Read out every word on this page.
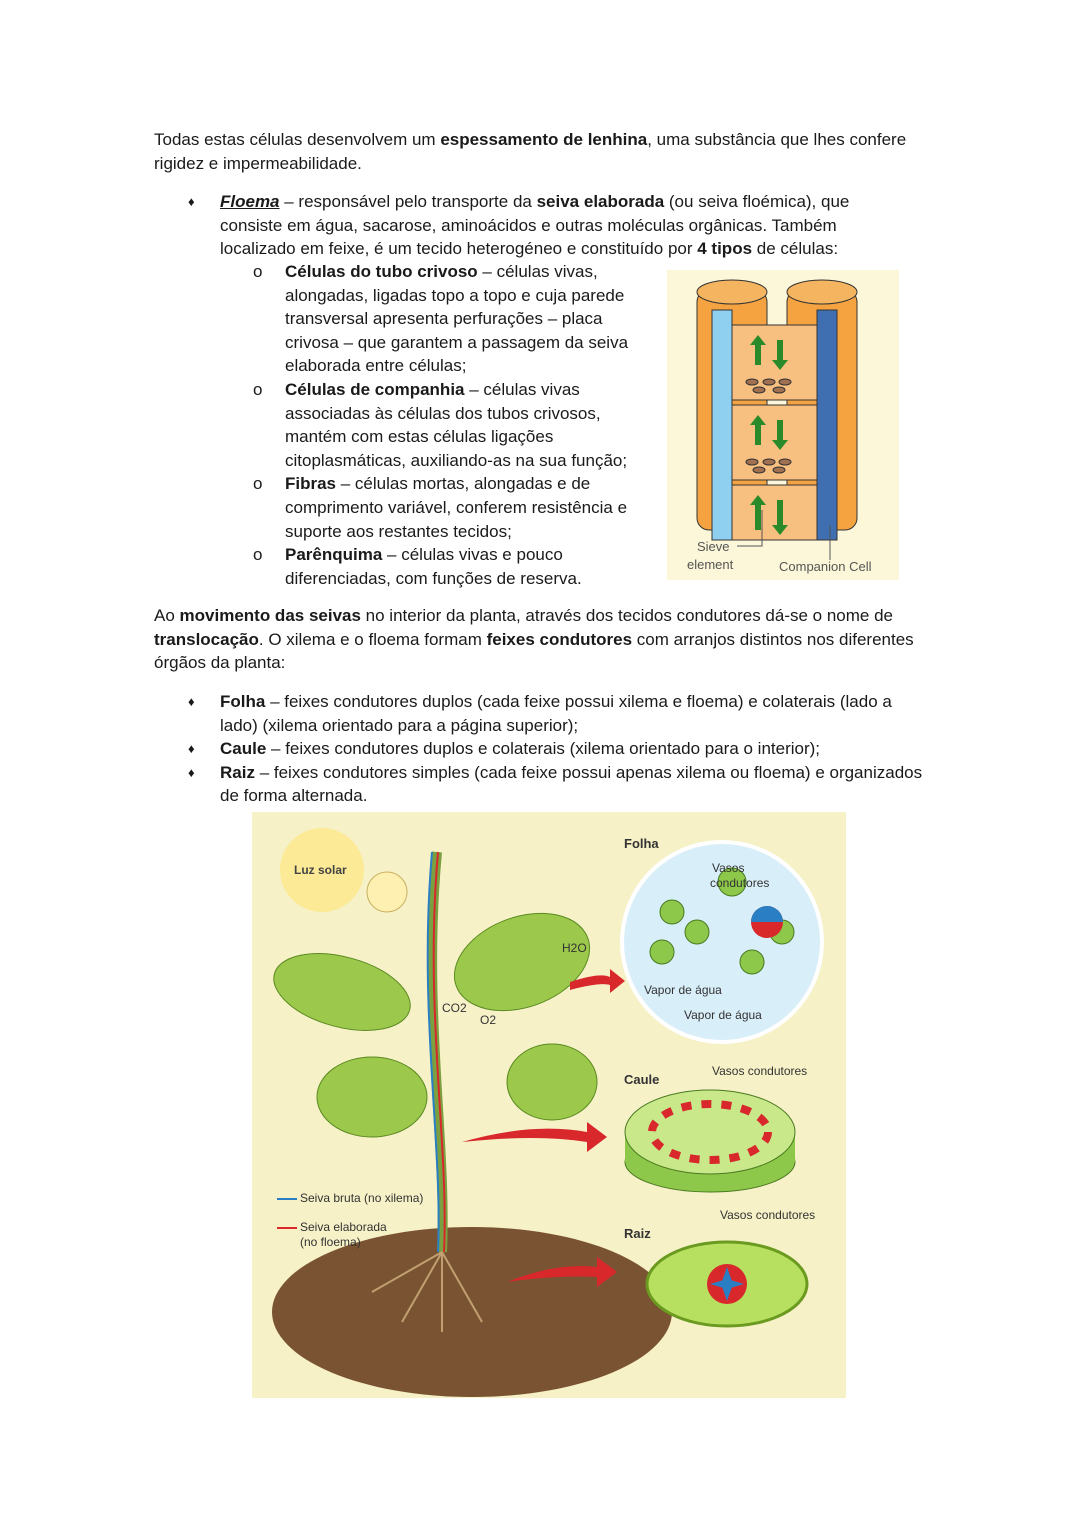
Todas estas células desenvolvem um espessamento de lenhina, uma substância que lhes confere rigidez e impermeabilidade.

♦ Floema – responsável pelo transporte da seiva elaborada (ou seiva floémica), que consiste em água, sacarose, aminoácidos e outras moléculas orgânicas. Também localizado em feixe, é um tecido heterogéneo e constituído por 4 tipos de células:
o Células do tubo crivoso – células vivas, alongadas, ligadas topo a topo e cuja parede transversal apresenta perfurações – placa crivosa – que garantem a passagem da seiva elaborada entre células;
o Células de companhia – células vivas associadas às células dos tubos crivosos, mantém com estas células ligações citoplasmáticas, auxiliando-as na sua função;
o Fibras – células mortas, alongadas e de comprimento variável, conferem resistência e suporte aos restantes tecidos;
o Parênquima – células vivas e pouco diferenciadas, com funções de reserva.
Sieve
element	Companion Cell

Ao movimento das seivas no interior da planta, através dos tecidos condutores dá-se o nome de translocação. O xilema e o floema formam feixes condutores com arranjos distintos nos diferentes órgãos da planta:

♦ Folha – feixes condutores duplos (cada feixe possui xilema e floema) e colaterais (lado a lado) (xilema orientado para a página superior);
♦ Caule – feixes condutores duplos e colaterais (xilema orientado para o interior);
♦ Raiz – feixes condutores simples (cada feixe possui apenas xilema ou floema) e organizados de forma alternada.
Luz solar
H2O
CO2
O2
Folha
Vasos
condutores
Vapor de água
Vapor de água
Caule
Vasos condutores
Raiz
Vasos condutores
Seiva bruta (no xilema)
Seiva elaborada
(no floema)
